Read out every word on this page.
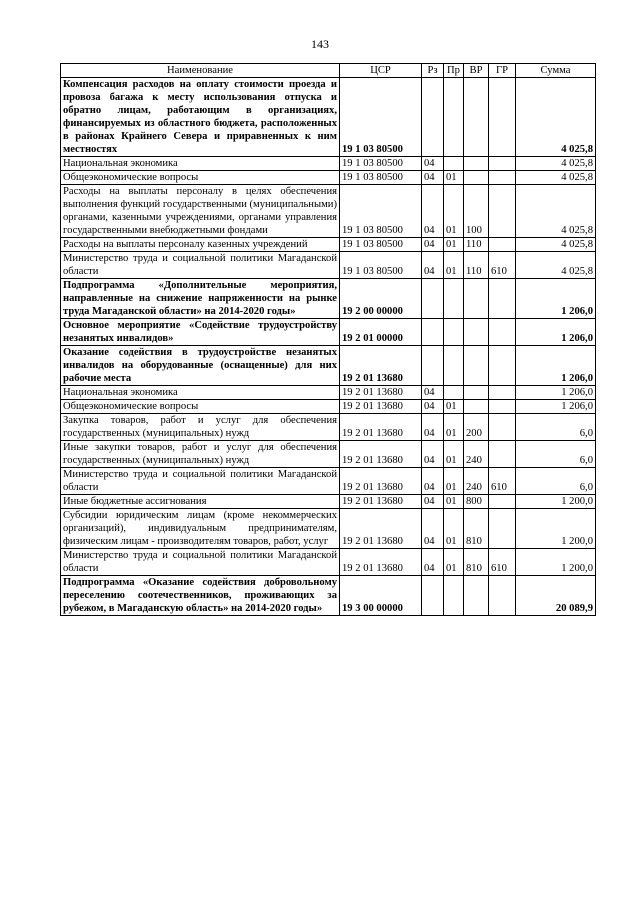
143
Наименование	ЦСР	Рз	Пр	ВР	ГР	Сумма
Компенсация расходов на оплату стоимости проезда и провоза багажа к месту использования отпуска и обратно лицам, работающим в организациях, финансируемых из областного бюджета, расположенных в районах Крайнего Севера и приравненных к ним местностях	19 1 03 80500					4 025,8
Национальная экономика	19 1 03 80500	04				4 025,8
Общеэкономические вопросы	19 1 03 80500	04	01			4 025,8
Расходы на выплаты персоналу в целях обеспечения выполнения функций государственными (муниципальными) органами, казенными учреждениями, органами управления государственными внебюджетными фондами	19 1 03 80500	04	01	100		4 025,8
Расходы на выплаты персоналу казенных учреждений	19 1 03 80500	04	01	110		4 025,8
Министерство труда и социальной политики Магаданской области	19 1 03 80500	04	01	110	610	4 025,8
Подпрограмма «Дополнительные мероприятия, направленные на снижение напряженности на рынке труда Магаданской области» на 2014-2020 годы»	19 2 00 00000					1 206,0
Основное мероприятие «Содействие трудоустройству незанятых инвалидов»	19 2 01 00000					1 206,0
Оказание содействия в трудоустройстве незанятых инвалидов на оборудованные (оснащенные) для них рабочие места	19 2 01 13680					1 206,0
Национальная экономика	19 2 01 13680	04				1 206,0
Общеэкономические вопросы	19 2 01 13680	04	01			1 206,0
Закупка товаров, работ и услуг для обеспечения государственных (муниципальных) нужд	19 2 01 13680	04	01	200		6,0
Иные закупки товаров, работ и услуг для обеспечения государственных (муниципальных) нужд	19 2 01 13680	04	01	240		6,0
Министерство труда и социальной политики Магаданской области	19 2 01 13680	04	01	240	610	6,0
Иные бюджетные ассигнования	19 2 01 13680	04	01	800		1 200,0
Субсидии юридическим лицам (кроме некоммерческих организаций), индивидуальным предпринимателям, физическим лицам - производителям товаров, работ, услуг	19 2 01 13680	04	01	810		1 200,0
Министерство труда и социальной политики Магаданской области	19 2 01 13680	04	01	810	610	1 200,0
Подпрограмма «Оказание содействия добровольному переселению соотечественников, проживающих за рубежом, в Магаданскую область» на 2014-2020 годы»	19 3 00 00000					20 089,9
